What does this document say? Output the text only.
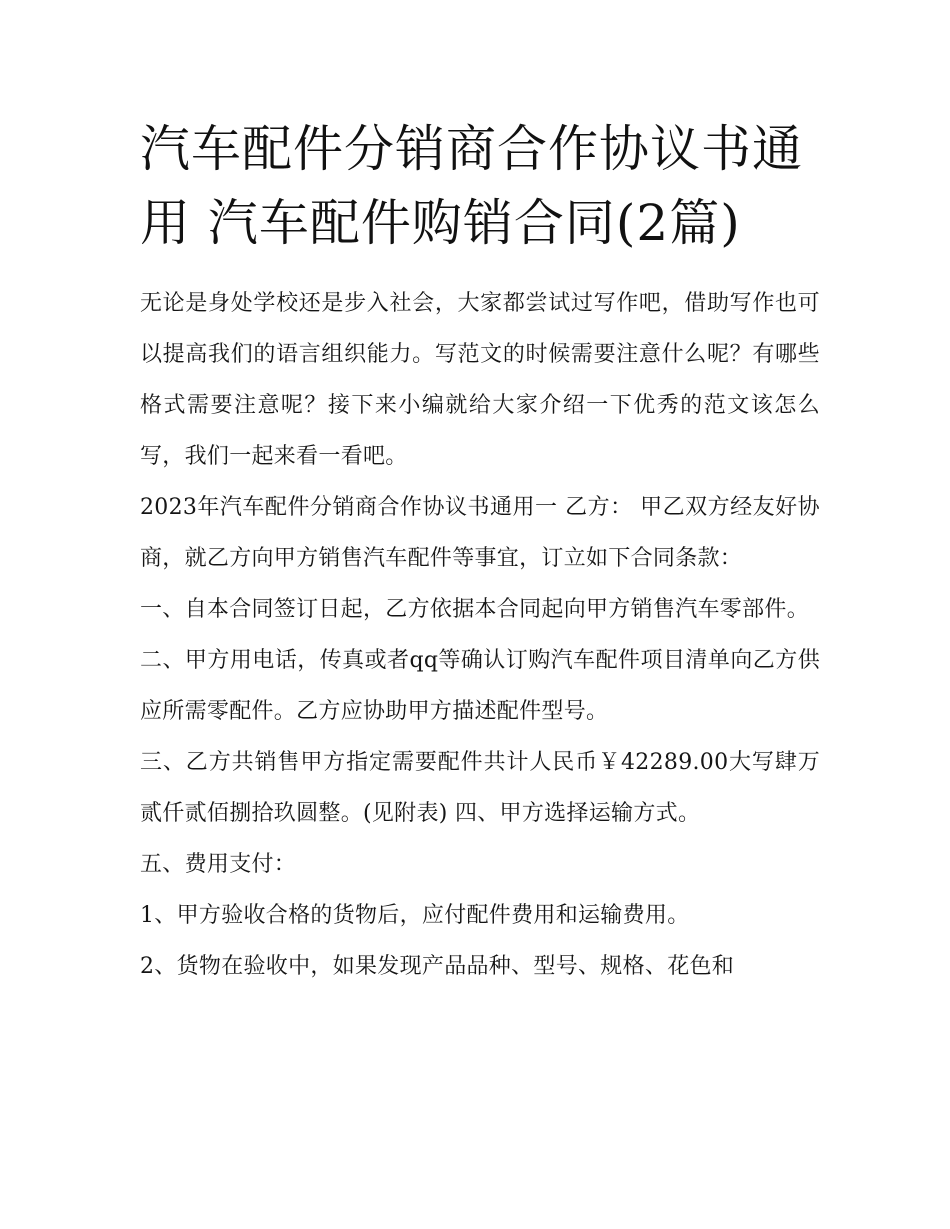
汽车配件分销商合作协议书通用 汽车配件购销合同(2篇)

无论是身处学校还是步入社会，大家都尝试过写作吧，借助写作也可以提高我们的语言组织能力。写范文的时候需要注意什么呢？有哪些格式需要注意呢？接下来小编就给大家介绍一下优秀的范文该怎么写，我们一起来看一看吧。

2023年汽车配件分销商合作协议书通用一 乙方： 甲乙双方经友好协商，就乙方向甲方销售汽车配件等事宜，订立如下合同条款：

一、自本合同签订日起，乙方依据本合同起向甲方销售汽车零部件。

二、甲方用电话，传真或者qq等确认订购汽车配件项目清单向乙方供应所需零配件。乙方应协助甲方描述配件型号。

三、乙方共销售甲方指定需要配件共计人民币￥42289.00大写肆万贰仟贰佰捌拾玖圆整。(见附表) 四、甲方选择运输方式。

五、费用支付：

1、甲方验收合格的货物后，应付配件费用和运输费用。

2、货物在验收中，如果发现产品品种、型号、规格、花色和
